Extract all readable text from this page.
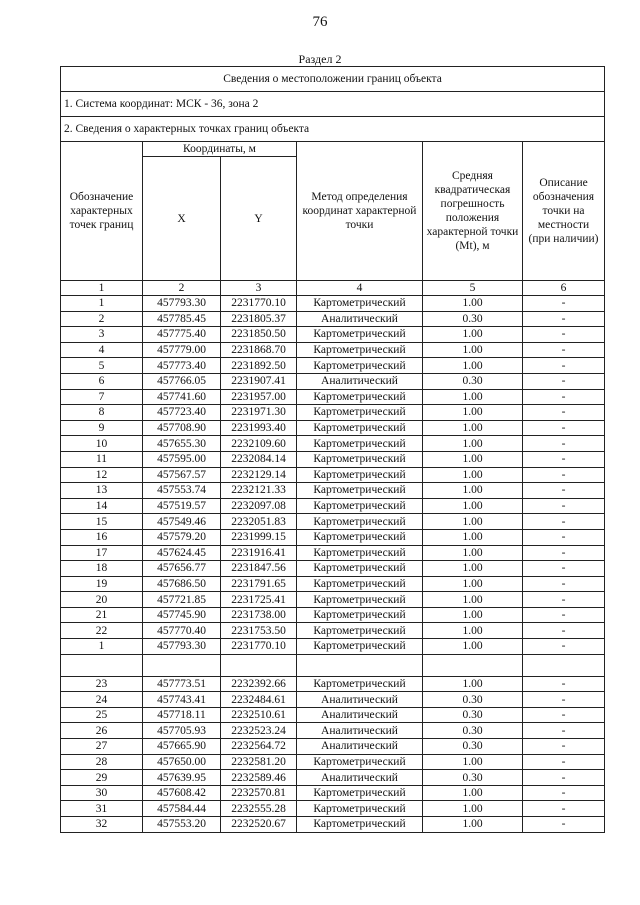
76
Раздел 2
Сведения о местоположении границ объекта					
1. Система координат: МСК - 36, зона 2					
2. Сведения о характерных точках границ объекта					
Обозначение характерных точек границ	Координаты, м		Метод определения координат характерной точки	Средняя квадратическая погрешность положения характерной точки (Mt), м	Описание обозначения точки на местности (при наличии)
	X	Y			
1	2	3	4	5	6
1	457793.30	2231770.10	Картометрический	1.00	-
2	457785.45	2231805.37	Аналитический	0.30	-
3	457775.40	2231850.50	Картометрический	1.00	-
4	457779.00	2231868.70	Картометрический	1.00	-
5	457773.40	2231892.50	Картометрический	1.00	-
6	457766.05	2231907.41	Аналитический	0.30	-
7	457741.60	2231957.00	Картометрический	1.00	-
8	457723.40	2231971.30	Картометрический	1.00	-
9	457708.90	2231993.40	Картометрический	1.00	-
10	457655.30	2232109.60	Картометрический	1.00	-
11	457595.00	2232084.14	Картометрический	1.00	-
12	457567.57	2232129.14	Картометрический	1.00	-
13	457553.74	2232121.33	Картометрический	1.00	-
14	457519.57	2232097.08	Картометрический	1.00	-
15	457549.46	2232051.83	Картометрический	1.00	-
16	457579.20	2231999.15	Картометрический	1.00	-
17	457624.45	2231916.41	Картометрический	1.00	-
18	457656.77	2231847.56	Картометрический	1.00	-
19	457686.50	2231791.65	Картометрический	1.00	-
20	457721.85	2231725.41	Картометрический	1.00	-
21	457745.90	2231738.00	Картометрический	1.00	-
22	457770.40	2231753.50	Картометрический	1.00	-
1	457793.30	2231770.10	Картометрический	1.00	-

23	457773.51	2232392.66	Картометрический	1.00	-
24	457743.41	2232484.61	Аналитический	0.30	-
25	457718.11	2232510.61	Аналитический	0.30	-
26	457705.93	2232523.24	Аналитический	0.30	-
27	457665.90	2232564.72	Аналитический	0.30	-
28	457650.00	2232581.20	Картометрический	1.00	-
29	457639.95	2232589.46	Аналитический	0.30	-
30	457608.42	2232570.81	Картометрический	1.00	-
31	457584.44	2232555.28	Картометрический	1.00	-
32	457553.20	2232520.67	Картометрический	1.00	-
